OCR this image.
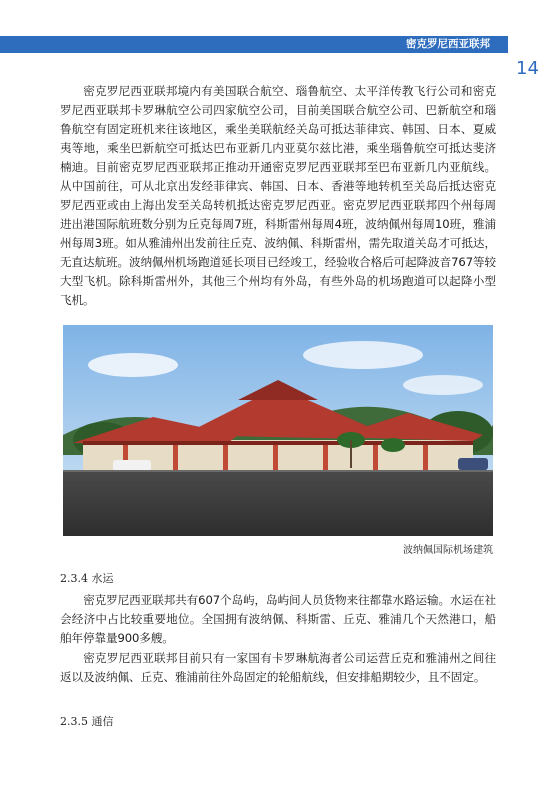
密克罗尼西亚联邦
14

密克罗尼西亚联邦境内有美国联合航空、瑙鲁航空、太平洋传教飞行公司和密克罗尼西亚联邦卡罗琳航空公司四家航空公司，目前美国联合航空公司、巴新航空和瑙鲁航空有固定班机来往该地区，乘坐美联航经关岛可抵达菲律宾、韩国、日本、夏威夷等地，乘坐巴新航空可抵达巴布亚新几内亚莫尔兹比港，乘坐瑙鲁航空可抵达斐济楠迪。目前密克罗尼西亚联邦正推动开通密克罗尼西亚联邦至巴布亚新几内亚航线。从中国前往，可从北京出发经菲律宾、韩国、日本、香港等地转机至关岛后抵达密克罗尼西亚或由上海出发至关岛转机抵达密克罗尼西亚。密克罗尼西亚联邦四个州每周进出港国际航班数分别为丘克每周7班，科斯雷州每周4班，波纳佩州每周10班，雅浦州每周3班。如从雅浦州出发前往丘克、波纳佩、科斯雷州，需先取道关岛才可抵达，无直达航班。波纳佩州机场跑道延长项目已经竣工，经验收合格后可起降波音767等较大型飞机。除科斯雷州外，其他三个州均有外岛，有些外岛的机场跑道可以起降小型飞机。

波纳佩国际机场建筑
2.3.4 水运

密克罗尼西亚联邦共有607个岛屿，岛屿间人员货物来往都靠水路运输。水运在社会经济中占比较重要地位。全国拥有波纳佩、科斯雷、丘克、雅浦几个天然港口，船舶年停靠量900多艘。

密克罗尼西亚联邦目前只有一家国有卡罗琳航海者公司运营丘克和雅浦州之间往返以及波纳佩、丘克、雅浦前往外岛固定的轮船航线，但安排船期较少，且不固定。

2.3.5 通信
